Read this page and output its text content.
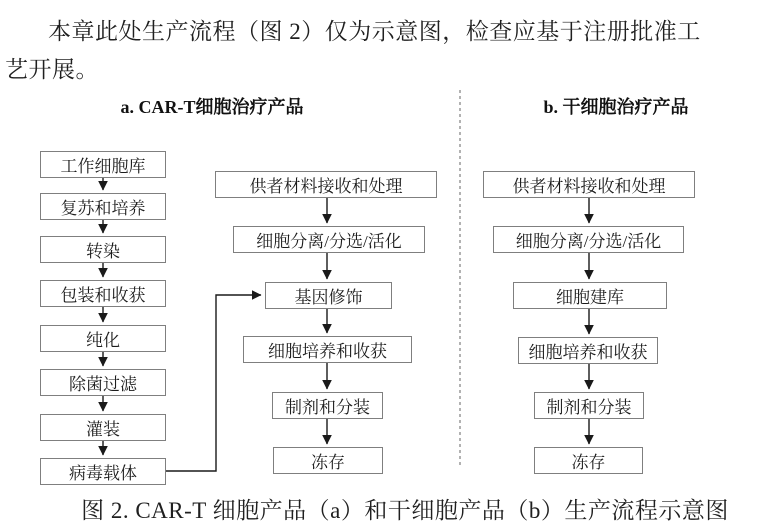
本章此处生产流程（图 2）仅为示意图，检查应基于注册批准工

艺开展。

a. CAR-T细胞治疗产品	b. 干细胞治疗产品
工作细胞库
复苏和培养
转染
包装和收获
纯化
除菌过滤
灌装
病毒载体
供者材料接收和处理
细胞分离/分选/活化
基因修饰
细胞培养和收获
制剂和分装
冻存
供者材料接收和处理
细胞分离/分选/活化
细胞建库
细胞培养和收获
制剂和分装
冻存
图 2. CAR-T 细胞产品（a）和干细胞产品（b）生产流程示意图
